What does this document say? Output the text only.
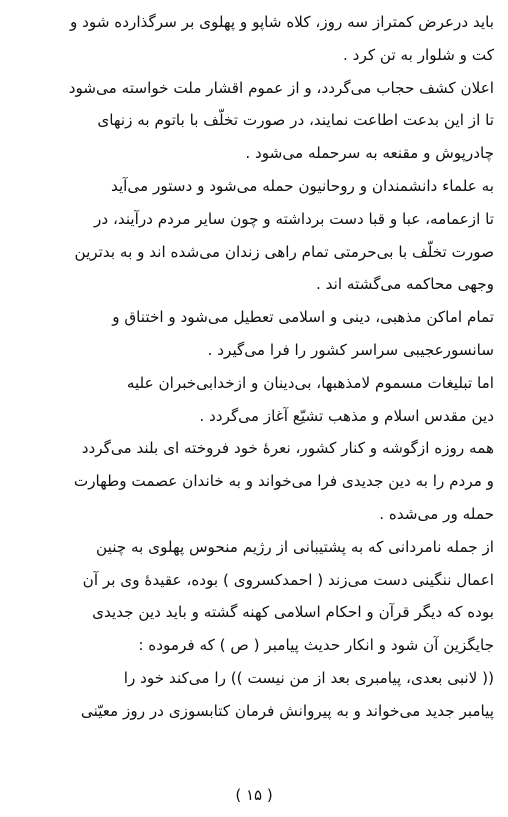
باید درعرض کمتراز سه روز، کلاه شاپو و پهلوی بر سرگذارده شود و
کت و شلوار به تن کرد .

اعلان کشف حجاب می‌گردد، و از عموم اقشار ملت خواسته می‌شود
تا از این بدعت اطاعت نمایند، در صورت تخلّف با باتوم به زنهای
چادرپوش و مقنعه به سرحمله می‌شود .

به علماء دانشمندان و روحانیون حمله می‌شود و دستور می‌آید
تا ازعمامه، عبا و قبا دست برداشته و چون سایر مردم درآیند، در
صورت تخلّف با بی‌حرمتی تمام راهی زندان می‌شده اند و به بدترین
وجهی محاکمه می‌گشته اند .

تمام اماکن مذهبی، دینی و اسلامی تعطیل می‌شود و اختناق و
سانسورعجیبی سراسر کشور را فرا می‌گیرد .

اما تبلیغات مسموم لامذهبها، بی‌دینان و ازخدابی‌خبران علیه
دین مقدس اسلام و مذهب تشیّع آغاز می‌گردد .

همه روزه ازگوشه و کنار کشور، نعرهٔ خود فروخته ای بلند می‌گردد
و مردم را به دین جدیدی فرا می‌خواند و به خاندان عصمت وطهارت
حمله ور می‌شده .

از جمله نامردانی که به پشتیبانی از رژیم منحوس پهلوی به چنین
اعمال ننگینی دست می‌زند ( احمدکسروی ) بوده، عقیدهٔ وی بر آن
بوده که دیگر قرآن و احکام اسلامی کهنه گشته و باید دین جدیدی
جایگزین آن شود و انکار حدیث پیامبر ( ص ) که فرموده :
(( لانبی بعدی، پیامبری بعد از من نیست )) را می‌کند خود را
پیامبر جدید می‌خواند و به پیروانش فرمان کتابسوزی در روز معیّنی

( ۱۵ )
